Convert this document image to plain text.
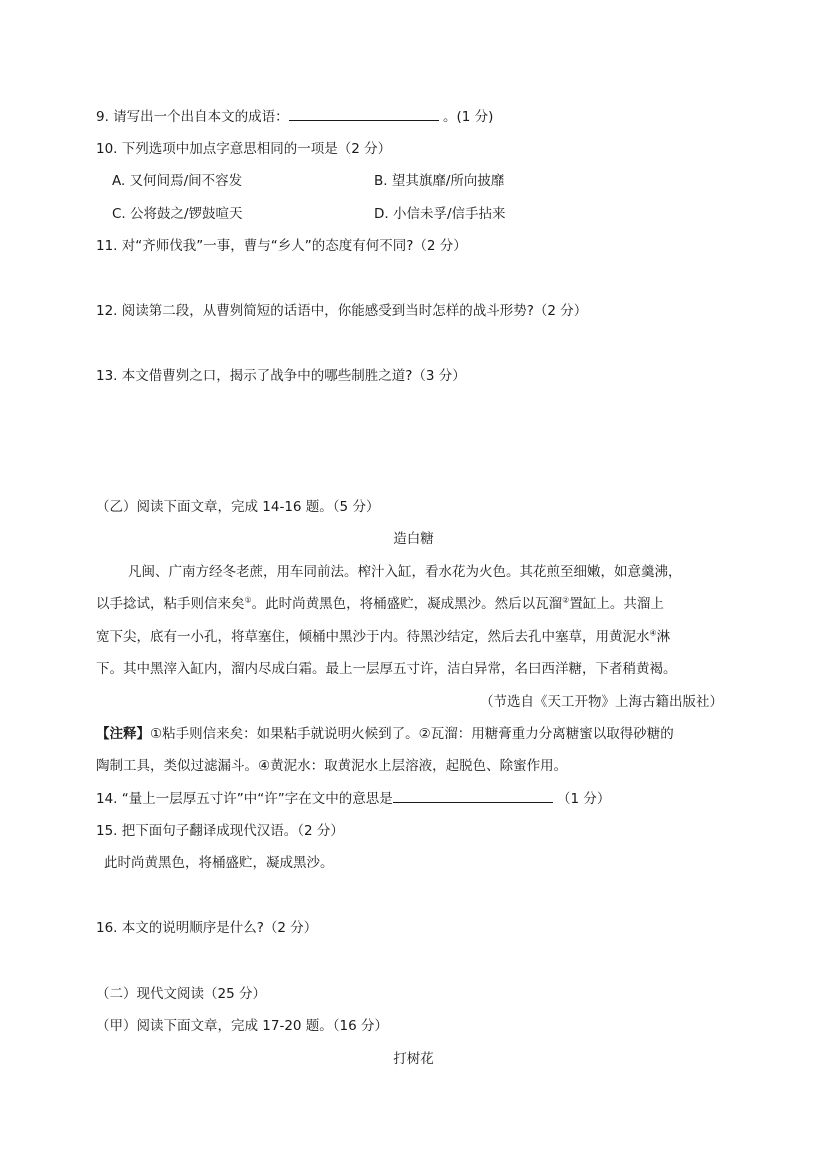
9. 请写出一个出自本文的成语：	。(1 分)
10. 下列选项中加点字意思相同的一项是（2 分）
A. 又何间焉/间不容发	B. 望其旗靡/所向披靡
C. 公将鼓之/锣鼓喧天	D. 小信未孚/信手拈来
11. 对“齐师伐我”一事，曹与“乡人”的态度有何不同?（2 分）
12. 阅读第二段，从曹刿简短的话语中，你能感受到当时怎样的战斗形势?（2 分）
13. 本文借曹刿之口，揭示了战争中的哪些制胜之道?（3 分）
（乙）阅读下面文章，完成 14-16 题。（5 分）
造白糖
凡闽、广南方经冬老蔗，用车同前法。榨汁入缸，看水花为火色。其花煎至细嫩，如意羹沸，
以手捻试，粘手则信来矣①。此时尚黄黑色，将桶盛贮，凝成黑沙。然后以瓦溜②置缸上。共溜上
宽下尖，底有一小孔，将草塞住，倾桶中黑沙于内。待黑沙结定，然后去孔中塞草，用黄泥水④淋
下。其中黑滓入缸内，溜内尽成白霜。最上一层厚五寸许，洁白异常，名曰西洋糖，下者稍黄褐。
（节选自《天工开物》上海古籍出版社）
【注释】①粘手则信来矣：如果粘手就说明火候到了。②瓦溜：用糖膏重力分离糖蜜以取得砂糖的
陶制工具，类似过滤漏斗。④黄泥水：取黄泥水上层溶液，起脱色、除蜜作用。
14. “量上一层厚五寸许”中“许”字在文中的意思是	（1 分）
15. 把下面句子翻译成现代汉语。（2 分）
此时尚黄黑色，将桶盛贮，凝成黑沙。
16. 本文的说明顺序是什么?（2 分）
（二）现代文阅读（25 分）
（甲）阅读下面文章，完成 17-20 题。（16 分）
打树花
